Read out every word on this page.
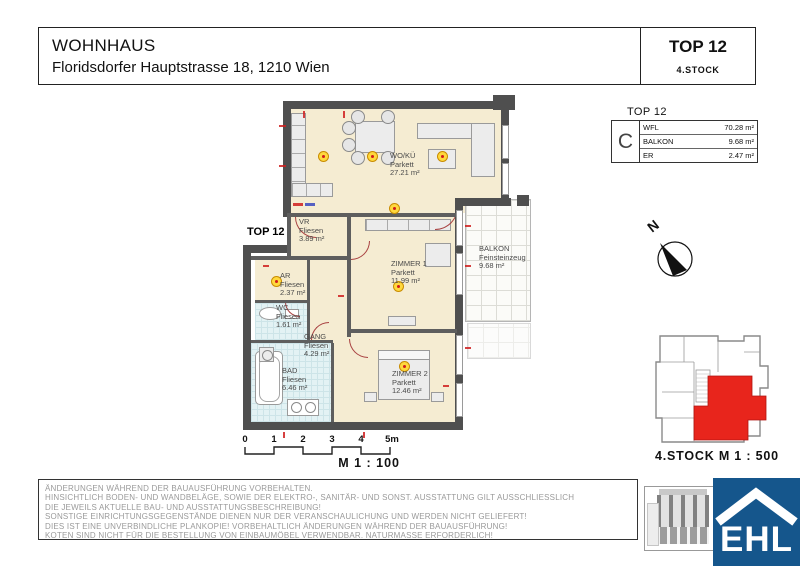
WOHNHAUS
Floridsdorfer Hauptstrasse 18, 1210 Wien
TOP 12
4.STOCK
TOP 12
C
WFL	70.28 m²
BALKON	9.68 m²
ER	2.47 m²
N
WO/KÜ
Parkett
27.21 m²
VR
Fliesen
3.89 m²
AR
Fliesen
2.37 m²
WC
Fliesen
1.61 m²
GANG
Fliesen
4.29 m²
BAD
Fliesen
6.46 m²
ZIMMER 1
Parkett
11.99 m²
ZIMMER 2
Parkett
12.46 m²
BALKON
Feinsteinzeug
9.68 m²
TOP 12
0 1 2 3 4 5m
M 1 : 100	4.STOCK M 1 : 500
ÄNDERUNGEN WÄHREND DER BAUAUSFÜHRUNG VORBEHALTEN.
HINSICHTLICH BODEN- UND WANDBELÄGE, SOWIE DER ELEKTRO-, SANITÄR- UND SONST. AUSSTATTUNG GILT AUSSCHLIESSLICH
DIE JEWEILS AKTUELLE BAU- UND AUSSTATTUNGSBESCHREIBUNG!
SONSTIGE EINRICHTUNGSGEGENSTÄNDE DIENEN NUR DER VERANSCHAULICHUNG UND WERDEN NICHT GELIEFERT!
DIES IST EINE UNVERBINDLICHE PLANKOPIE! VORBEHALTLICH ÄNDERUNGEN WÄHREND DER BAUAUSFÜHRUNG!
KOTEN SIND NICHT FÜR DIE BESTELLUNG VON EINBAUMÖBEL VERWENDBAR. NATURMASSE ERFORDERLICH!	EHL
